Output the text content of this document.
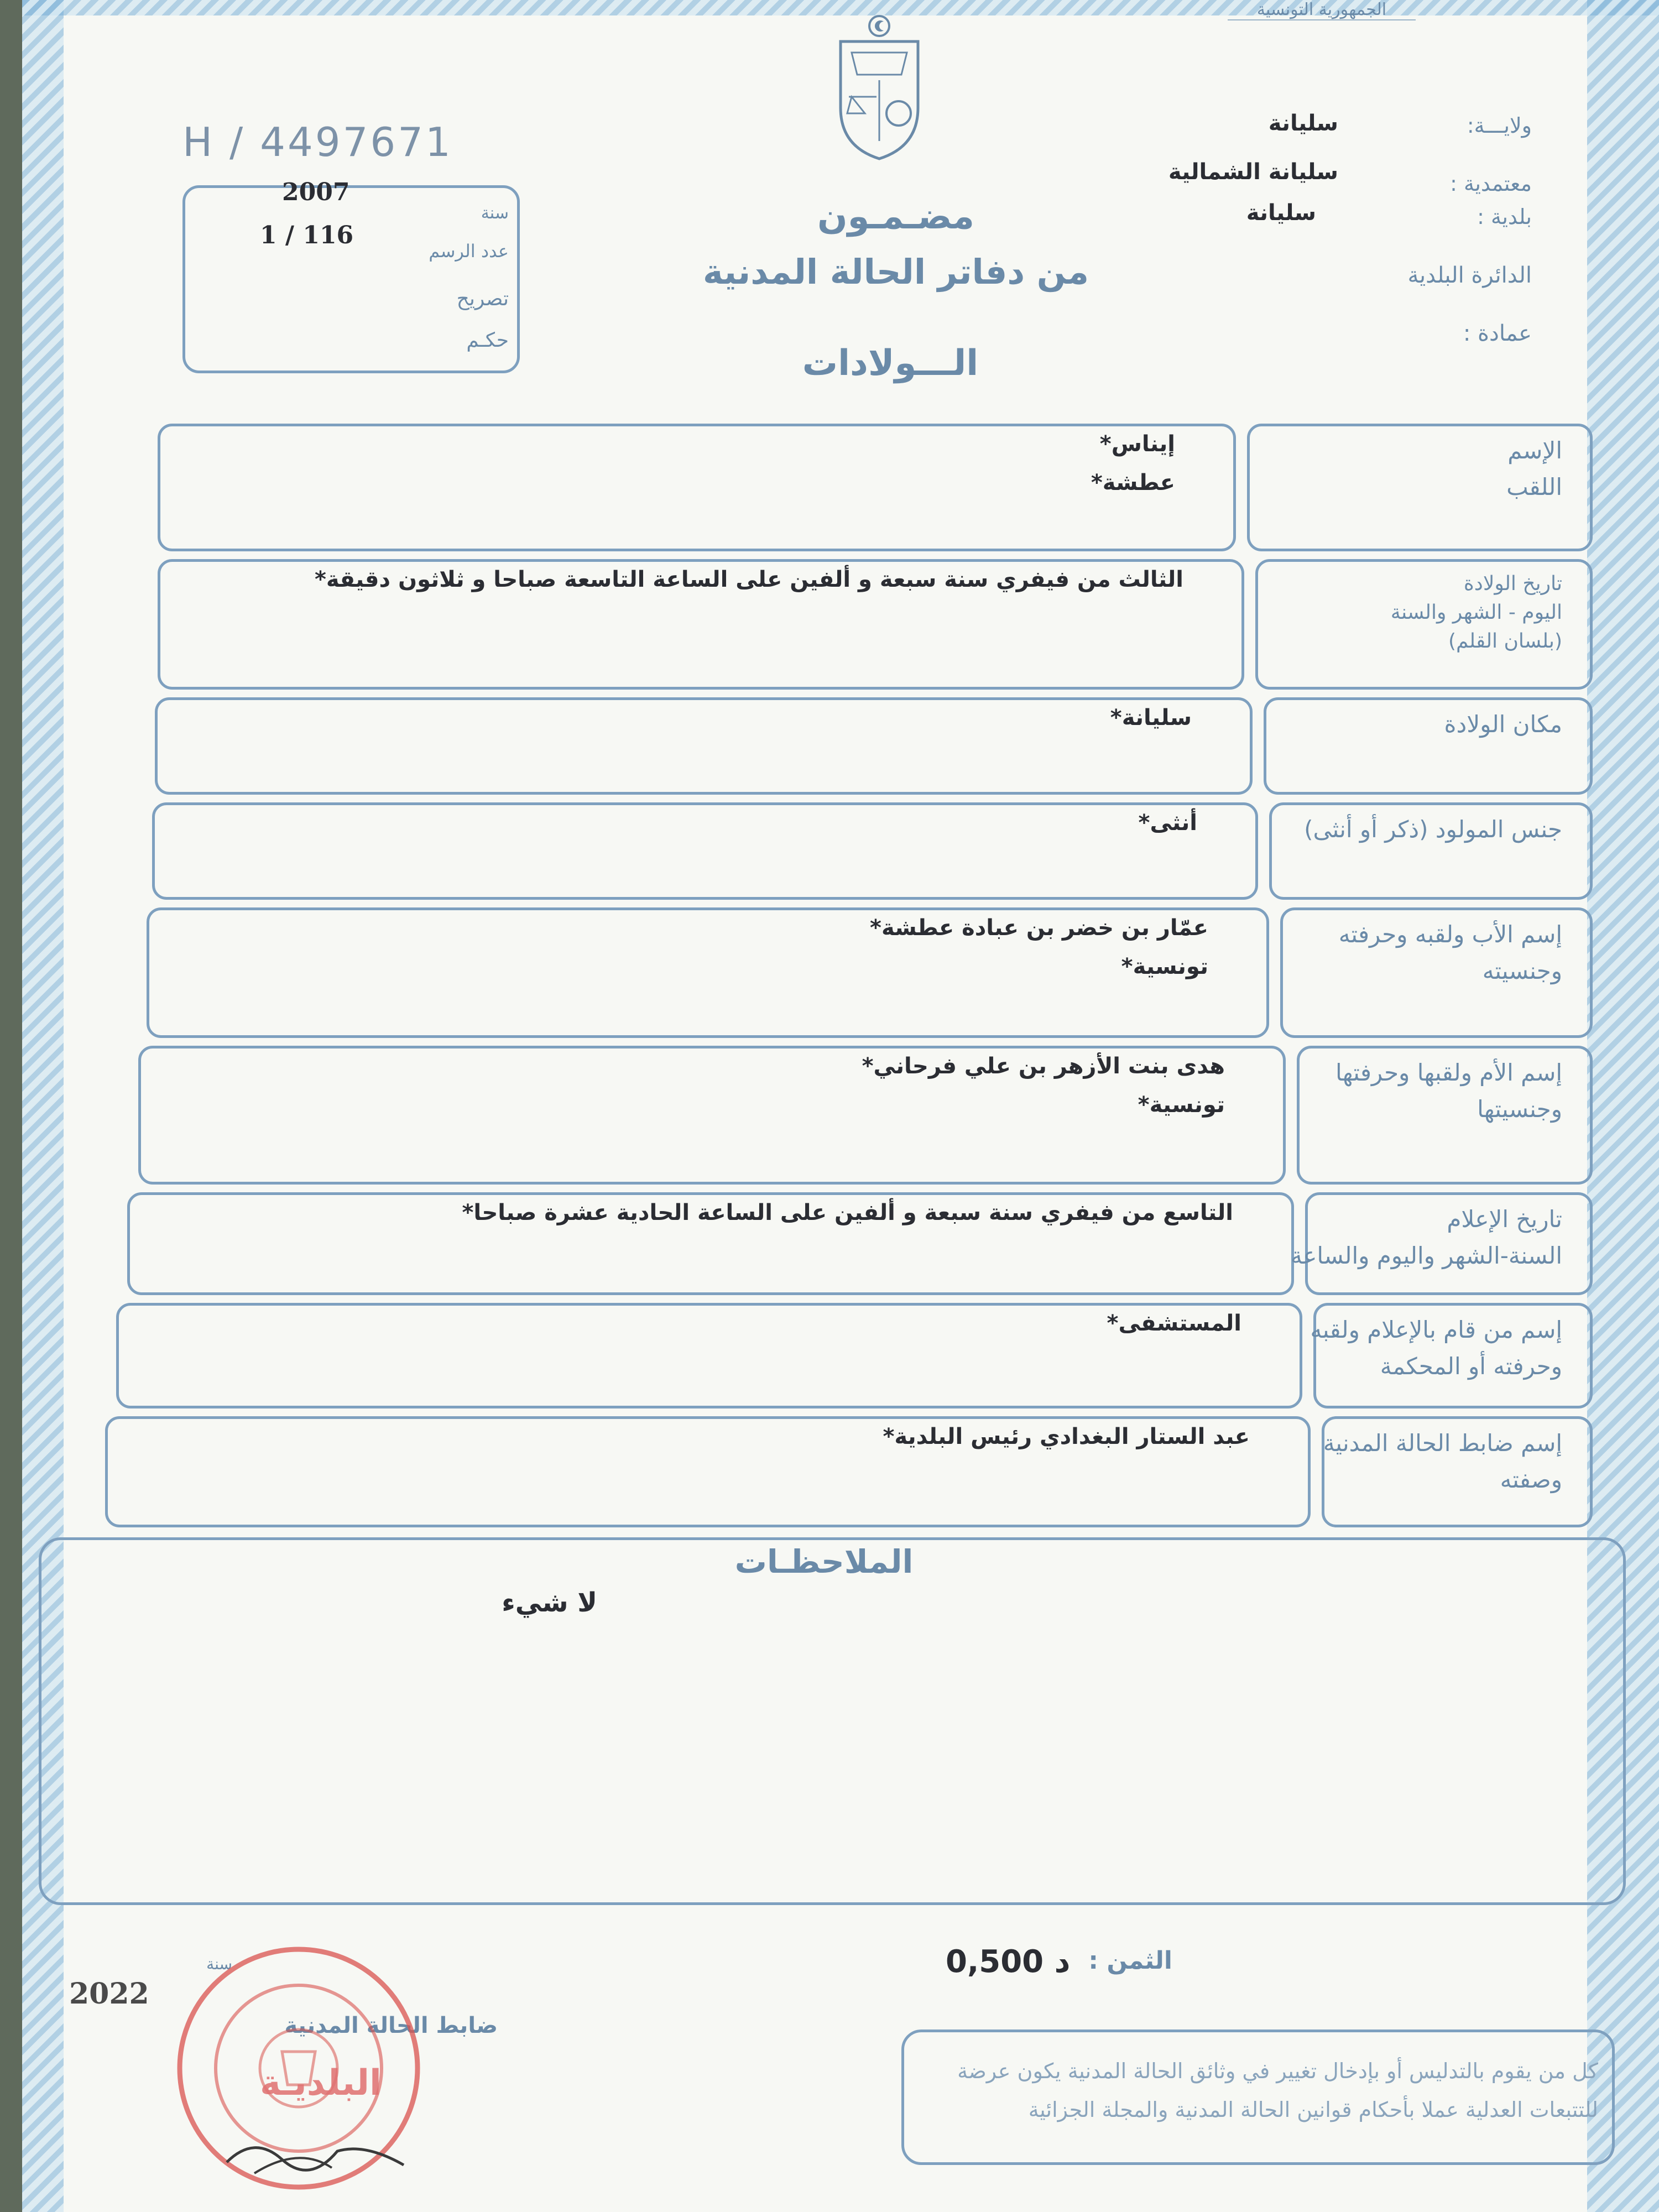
الجمهورية التونسية
H / 4497671	ولايـــة:
سليانة
معتمدية :
سليانة الشمالية
بلدية :
سليانة
الدائرة البلدية
عمادة :
سنة
2007
عدد الرسم
1 / 116
تصريح
حكـم
مضـمـون
من دفاتر الحالة المدنية
الـــولادات
الإسم
اللقب
إيناس*
عطشة*
تاريخ الولادة
اليوم - الشهر والسنة
(بلسان القلم)
الثالث من فيفري سنة سبعة و ألفين على الساعة التاسعة صباحا و ثلاثون دقيقة*
مكان الولادة
سليانة*
جنس المولود (ذكر أو أنثى)
أنثى*
إسم الأب ولقبه وحرفته
وجنسيته
عمّار بن خضر بن عبادة عطشة*
تونسية*
إسم الأم ولقبها وحرفتها
وجنسيتها
هدى بنت الأزهر بن علي فرحاني*
تونسية*
تاريخ الإعلام
السنة-الشهر واليوم والساعة
التاسع من فيفري سنة سبعة و ألفين على الساعة الحادية عشرة صباحا*
إسم من قام بالإعلام ولقبه
وحرفته أو المحكمة
المستشفى*
إسم ضابط الحالة المدنية
وصفته
عبد الستار البغدادي رئيس البلدية*
الملاحظـات
لا شيء
الثمن :
0,500 د
سنة
2022
ضابط الحالة المدنية
البلديـة	كل من يقوم بالتدليس أو بإدخال تغيير في وثائق الحالة المدنية يكون عرضة للتتبعات العدلية عملا بأحكام قوانين الحالة المدنية والمجلة الجزائية
